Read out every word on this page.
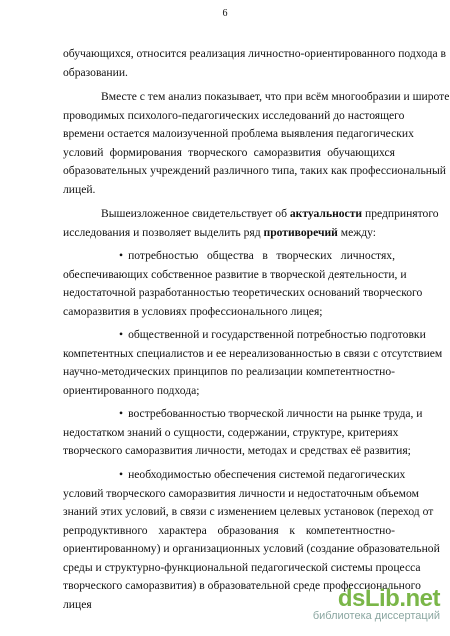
6
обучающихся, относится реализация личностно-ориентированного подхода в
образовании.
Вместе с тем анализ показывает, что при всём многообразии и широте
проводимых психолого-педагогических исследований до настоящего
времени остается малоизученной проблема выявления педагогических
условий формирования творческого саморазвития обучающихся
образовательных учреждений различного типа, таких как профессиональный
лицей.
Вышеизложенное свидетельствует об актуальности предпринятого
исследования и позволяет выделить ряд противоречий между:
• потребностью общества в творческих личностях,
обеспечивающих собственное развитие в творческой деятельности, и
недостаточной разработанностью теоретических оснований творческого
саморазвития в условиях профессионального лицея;
• общественной и государственной потребностью подготовки
компетентных специалистов и ее нереализованностью в связи с отсутствием
научно-методических принципов по реализации компетентностно-
ориентированного подхода;
• востребованностью творческой личности на рынке труда, и
недостатком знаний о сущности, содержании, структуре, критериях
творческого саморазвития личности, методах и средствах её развития;
• необходимостью обеспечения системой педагогических
условий творческого саморазвития личности и недостаточным объемом
знаний этих условий, в связи с изменением целевых установок (переход от
репродуктивного характера образования к компетентностно-
ориентированному) и организационных условий (создание образовательной
среды и структурно-функциональной педагогической системы процесса
творческого саморазвития) в образовательной среде профессионального
лицея	dsLib.net
библиотека диссертаций
